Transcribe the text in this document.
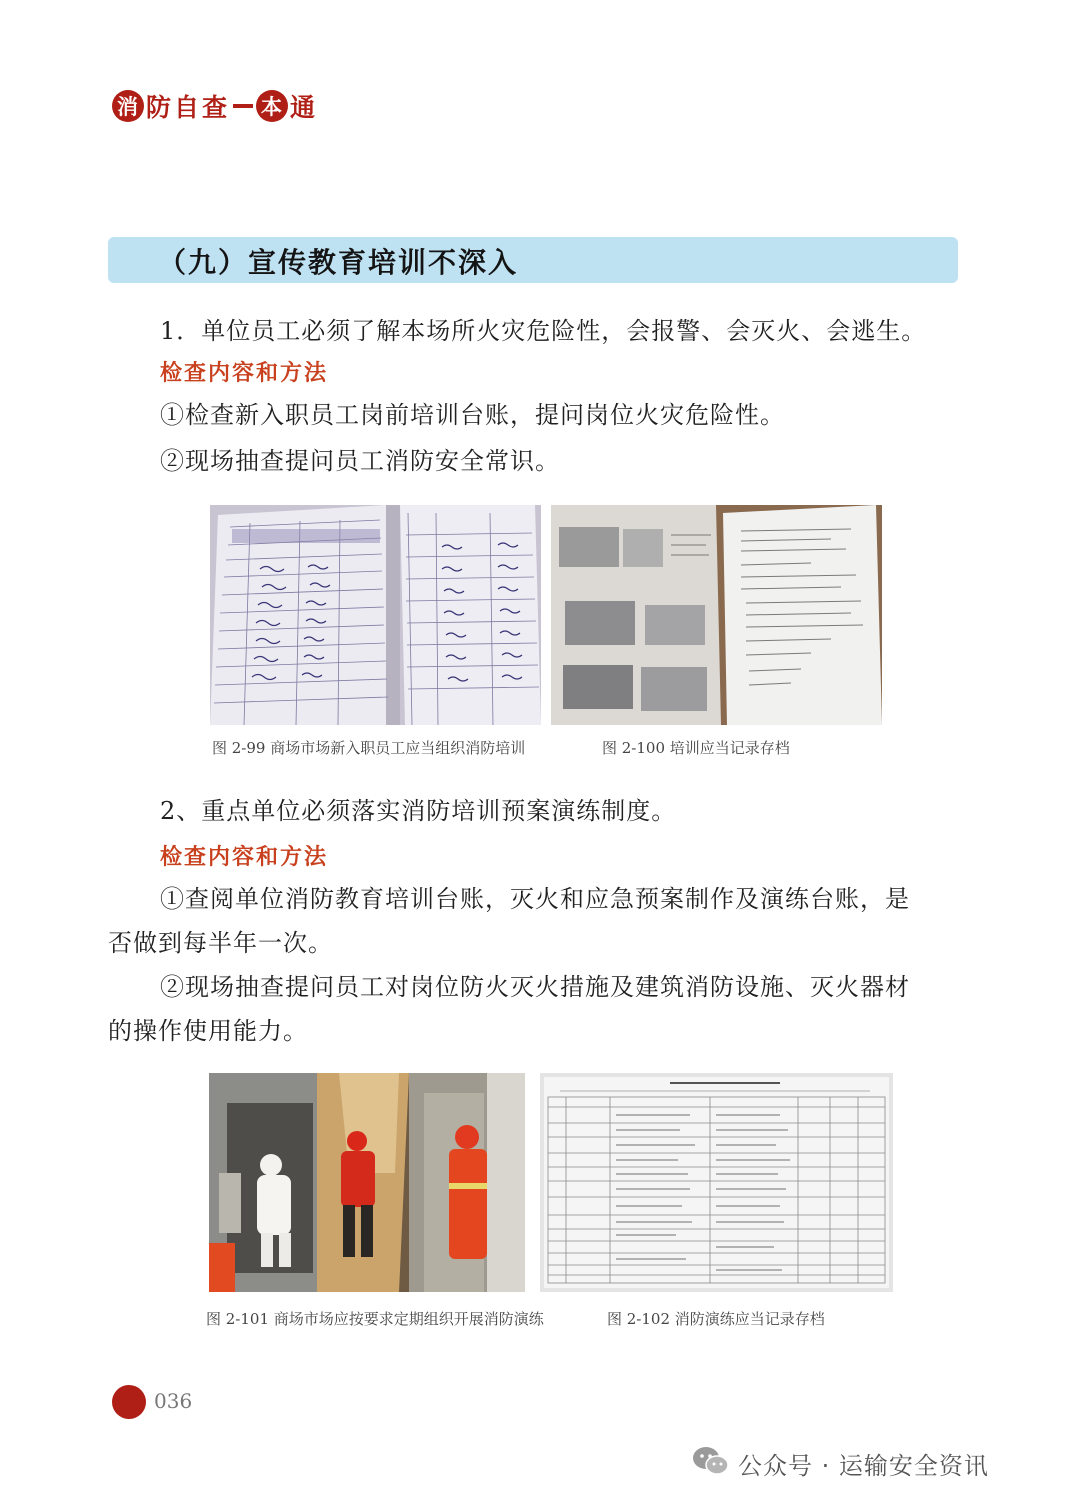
消 防 自 查 本 通
（九）宣传教育培训不深入
1．单位员工必须了解本场所火灾危险性，会报警、会灭火、会逃生。
检查内容和方法
①检查新入职员工岗前培训台账，提问岗位火灾危险性。
②现场抽查提问员工消防安全常识。
图 2-99 商场市场新入职员工应当组织消防培训	图 2-100 培训应当记录存档
2、重点单位必须落实消防培训预案演练制度。
检查内容和方法
①查阅单位消防教育培训台账，灭火和应急预案制作及演练台账，是
否做到每半年一次。
②现场抽查提问员工对岗位防火灭火措施及建筑消防设施、灭火器材
的操作使用能力。
图 2-101 商场市场应按要求定期组织开展消防演练	图 2-102 消防演练应当记录存档
036
公众号 · 运输安全资讯
